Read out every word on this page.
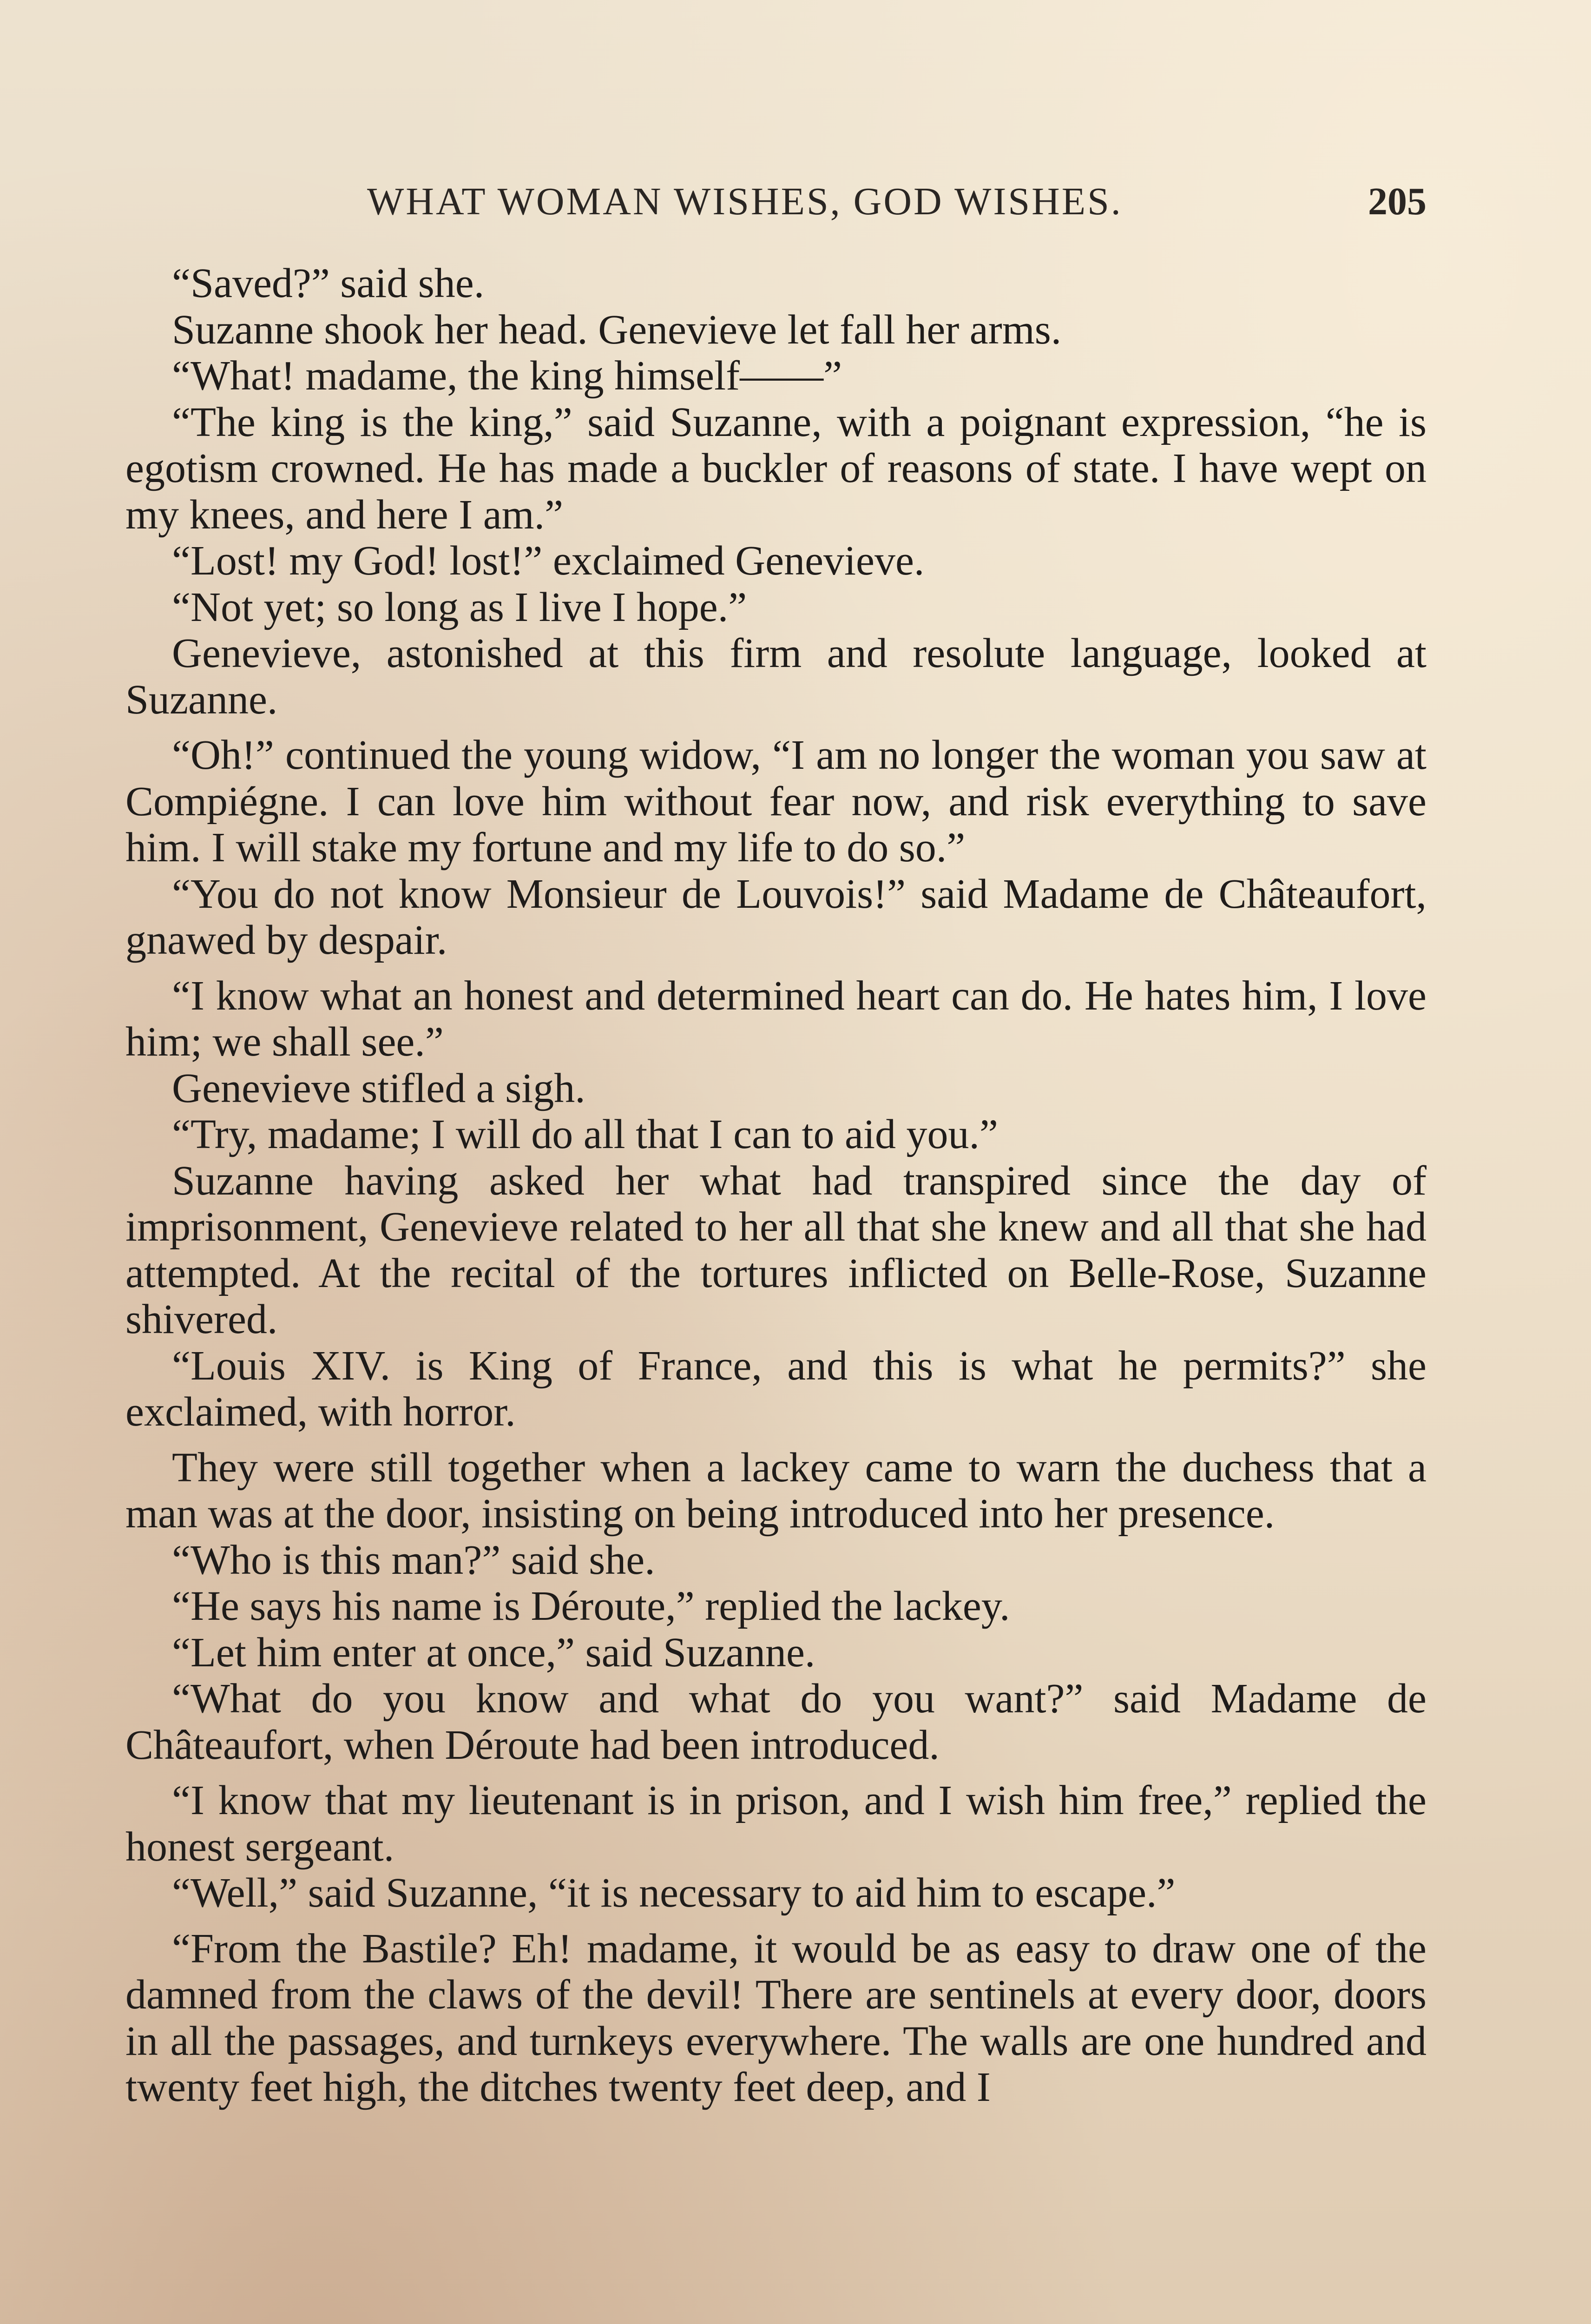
WHAT WOMAN WISHES, GOD WISHES.	205

“Saved?” said she.

Suzanne shook her head. Genevieve let fall her arms.

“What! madame, the king himself——”

“The king is the king,” said Suzanne, with a poignant expression, “he is egotism crowned. He has made a buckler of reasons of state. I have wept on my knees, and here I am.”

“Lost! my God! lost!” exclaimed Genevieve.

“Not yet; so long as I live I hope.”

Genevieve, astonished at this firm and resolute language, looked at Suzanne.

“Oh!” continued the young widow, “I am no longer the woman you saw at Compiégne. I can love him without fear now, and risk everything to save him. I will stake my fortune and my life to do so.”

“You do not know Monsieur de Louvois!” said Madame de Châteaufort, gnawed by despair.

“I know what an honest and determined heart can do. He hates him, I love him; we shall see.”

Genevieve stifled a sigh.

“Try, madame; I will do all that I can to aid you.”

Suzanne having asked her what had transpired since the day of imprisonment, Genevieve related to her all that she knew and all that she had attempted. At the recital of the tortures inflicted on Belle-Rose, Suzanne shivered.

“Louis XIV. is King of France, and this is what he permits?” she exclaimed, with horror.

They were still together when a lackey came to warn the duchess that a man was at the door, insisting on being introduced into her presence.

“Who is this man?” said she.

“He says his name is Déroute,” replied the lackey.

“Let him enter at once,” said Suzanne.

“What do you know and what do you want?” said Madame de Châteaufort, when Déroute had been introduced.

“I know that my lieutenant is in prison, and I wish him free,” replied the honest sergeant.

“Well,” said Suzanne, “it is necessary to aid him to escape.”

“From the Bastile? Eh! madame, it would be as easy to draw one of the damned from the claws of the devil! There are sentinels at every door, doors in all the passages, and turnkeys everywhere. The walls are one hundred and twenty feet high, the ditches twenty feet deep, and I
